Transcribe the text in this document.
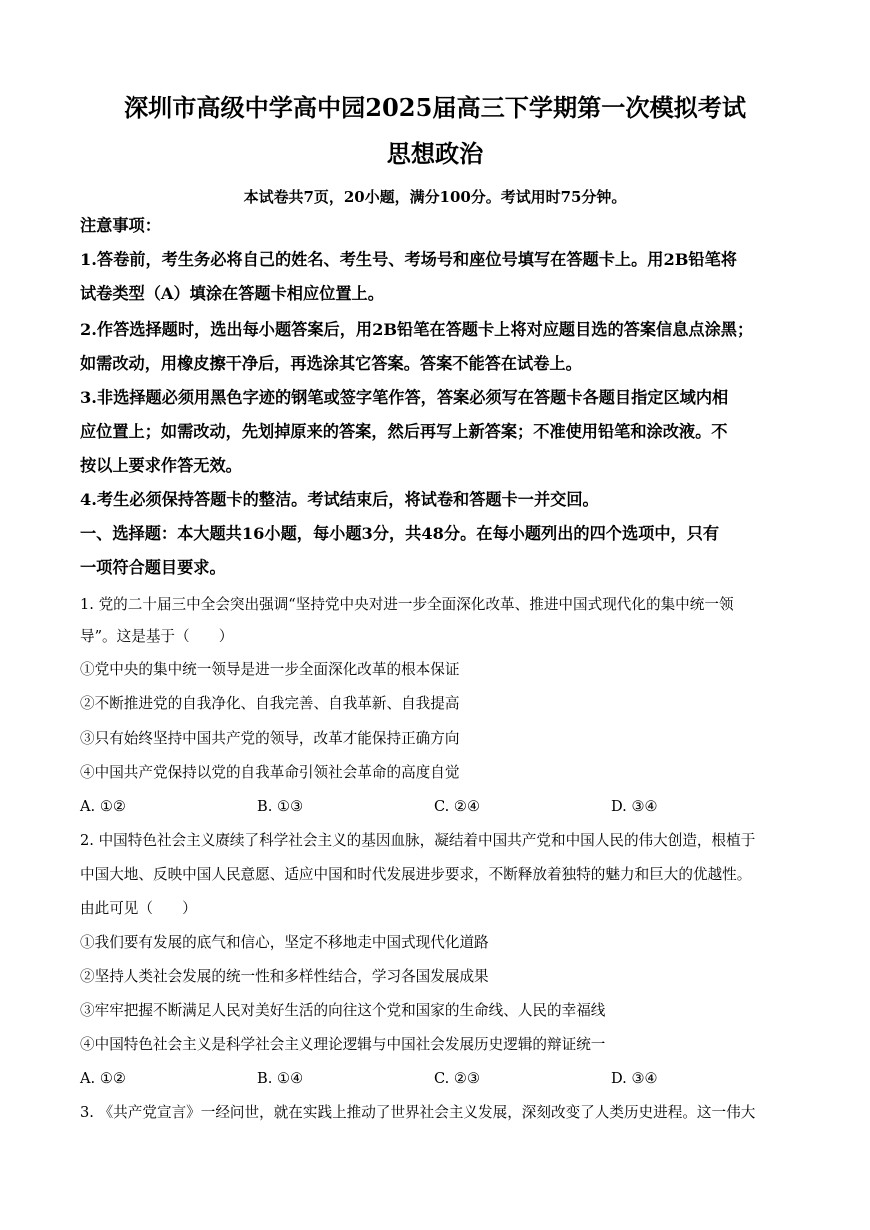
深圳市高级中学高中园2025届高三下学期第一次模拟考试
思想政治
本试卷共7页，20小题，满分100分。考试用时75分钟。
注意事项：
1.答卷前，考生务必将自己的姓名、考生号、考场号和座位号填写在答题卡上。用2B铅笔将
试卷类型（A）填涂在答题卡相应位置上。
2.作答选择题时，选出每小题答案后，用2B铅笔在答题卡上将对应题目选的答案信息点涂黑；
如需改动，用橡皮擦干净后，再选涂其它答案。答案不能答在试卷上。
3.非选择题必须用黑色字迹的钢笔或签字笔作答，答案必须写在答题卡各题目指定区域内相
应位置上；如需改动，先划掉原来的答案，然后再写上新答案；不准使用铅笔和涂改液。不
按以上要求作答无效。
4.考生必须保持答题卡的整洁。考试结束后，将试卷和答题卡一并交回。
一、选择题：本大题共16小题，每小题3分，共48分。在每小题列出的四个选项中，只有
一项符合题目要求。
1. 党的二十届三中全会突出强调“坚持党中央对进一步全面深化改革、推进中国式现代化的集中统一领
导”。这是基于（　　）
①党中央的集中统一领导是进一步全面深化改革的根本保证
②不断推进党的自我净化、自我完善、自我革新、自我提高
③只有始终坚持中国共产党的领导，改革才能保持正确方向
④中国共产党保持以党的自我革命引领社会革命的高度自觉
A. ①②	B. ①③	C. ②④	D. ③④
2. 中国特色社会主义赓续了科学社会主义的基因血脉，凝结着中国共产党和中国人民的伟大创造，根植于
中国大地、反映中国人民意愿、适应中国和时代发展进步要求，不断释放着独特的魅力和巨大的优越性。
由此可见（　　）
①我们要有发展的底气和信心，坚定不移地走中国式现代化道路
②坚持人类社会发展的统一性和多样性结合，学习各国发展成果
③牢牢把握不断满足人民对美好生活的向往这个党和国家的生命线、人民的幸福线
④中国特色社会主义是科学社会主义理论逻辑与中国社会发展历史逻辑的辩证统一
A. ①②	B. ①④	C. ②③	D. ③④
3. 《共产党宣言》一经问世，就在实践上推动了世界社会主义发展，深刻改变了人类历史进程。这一伟大
